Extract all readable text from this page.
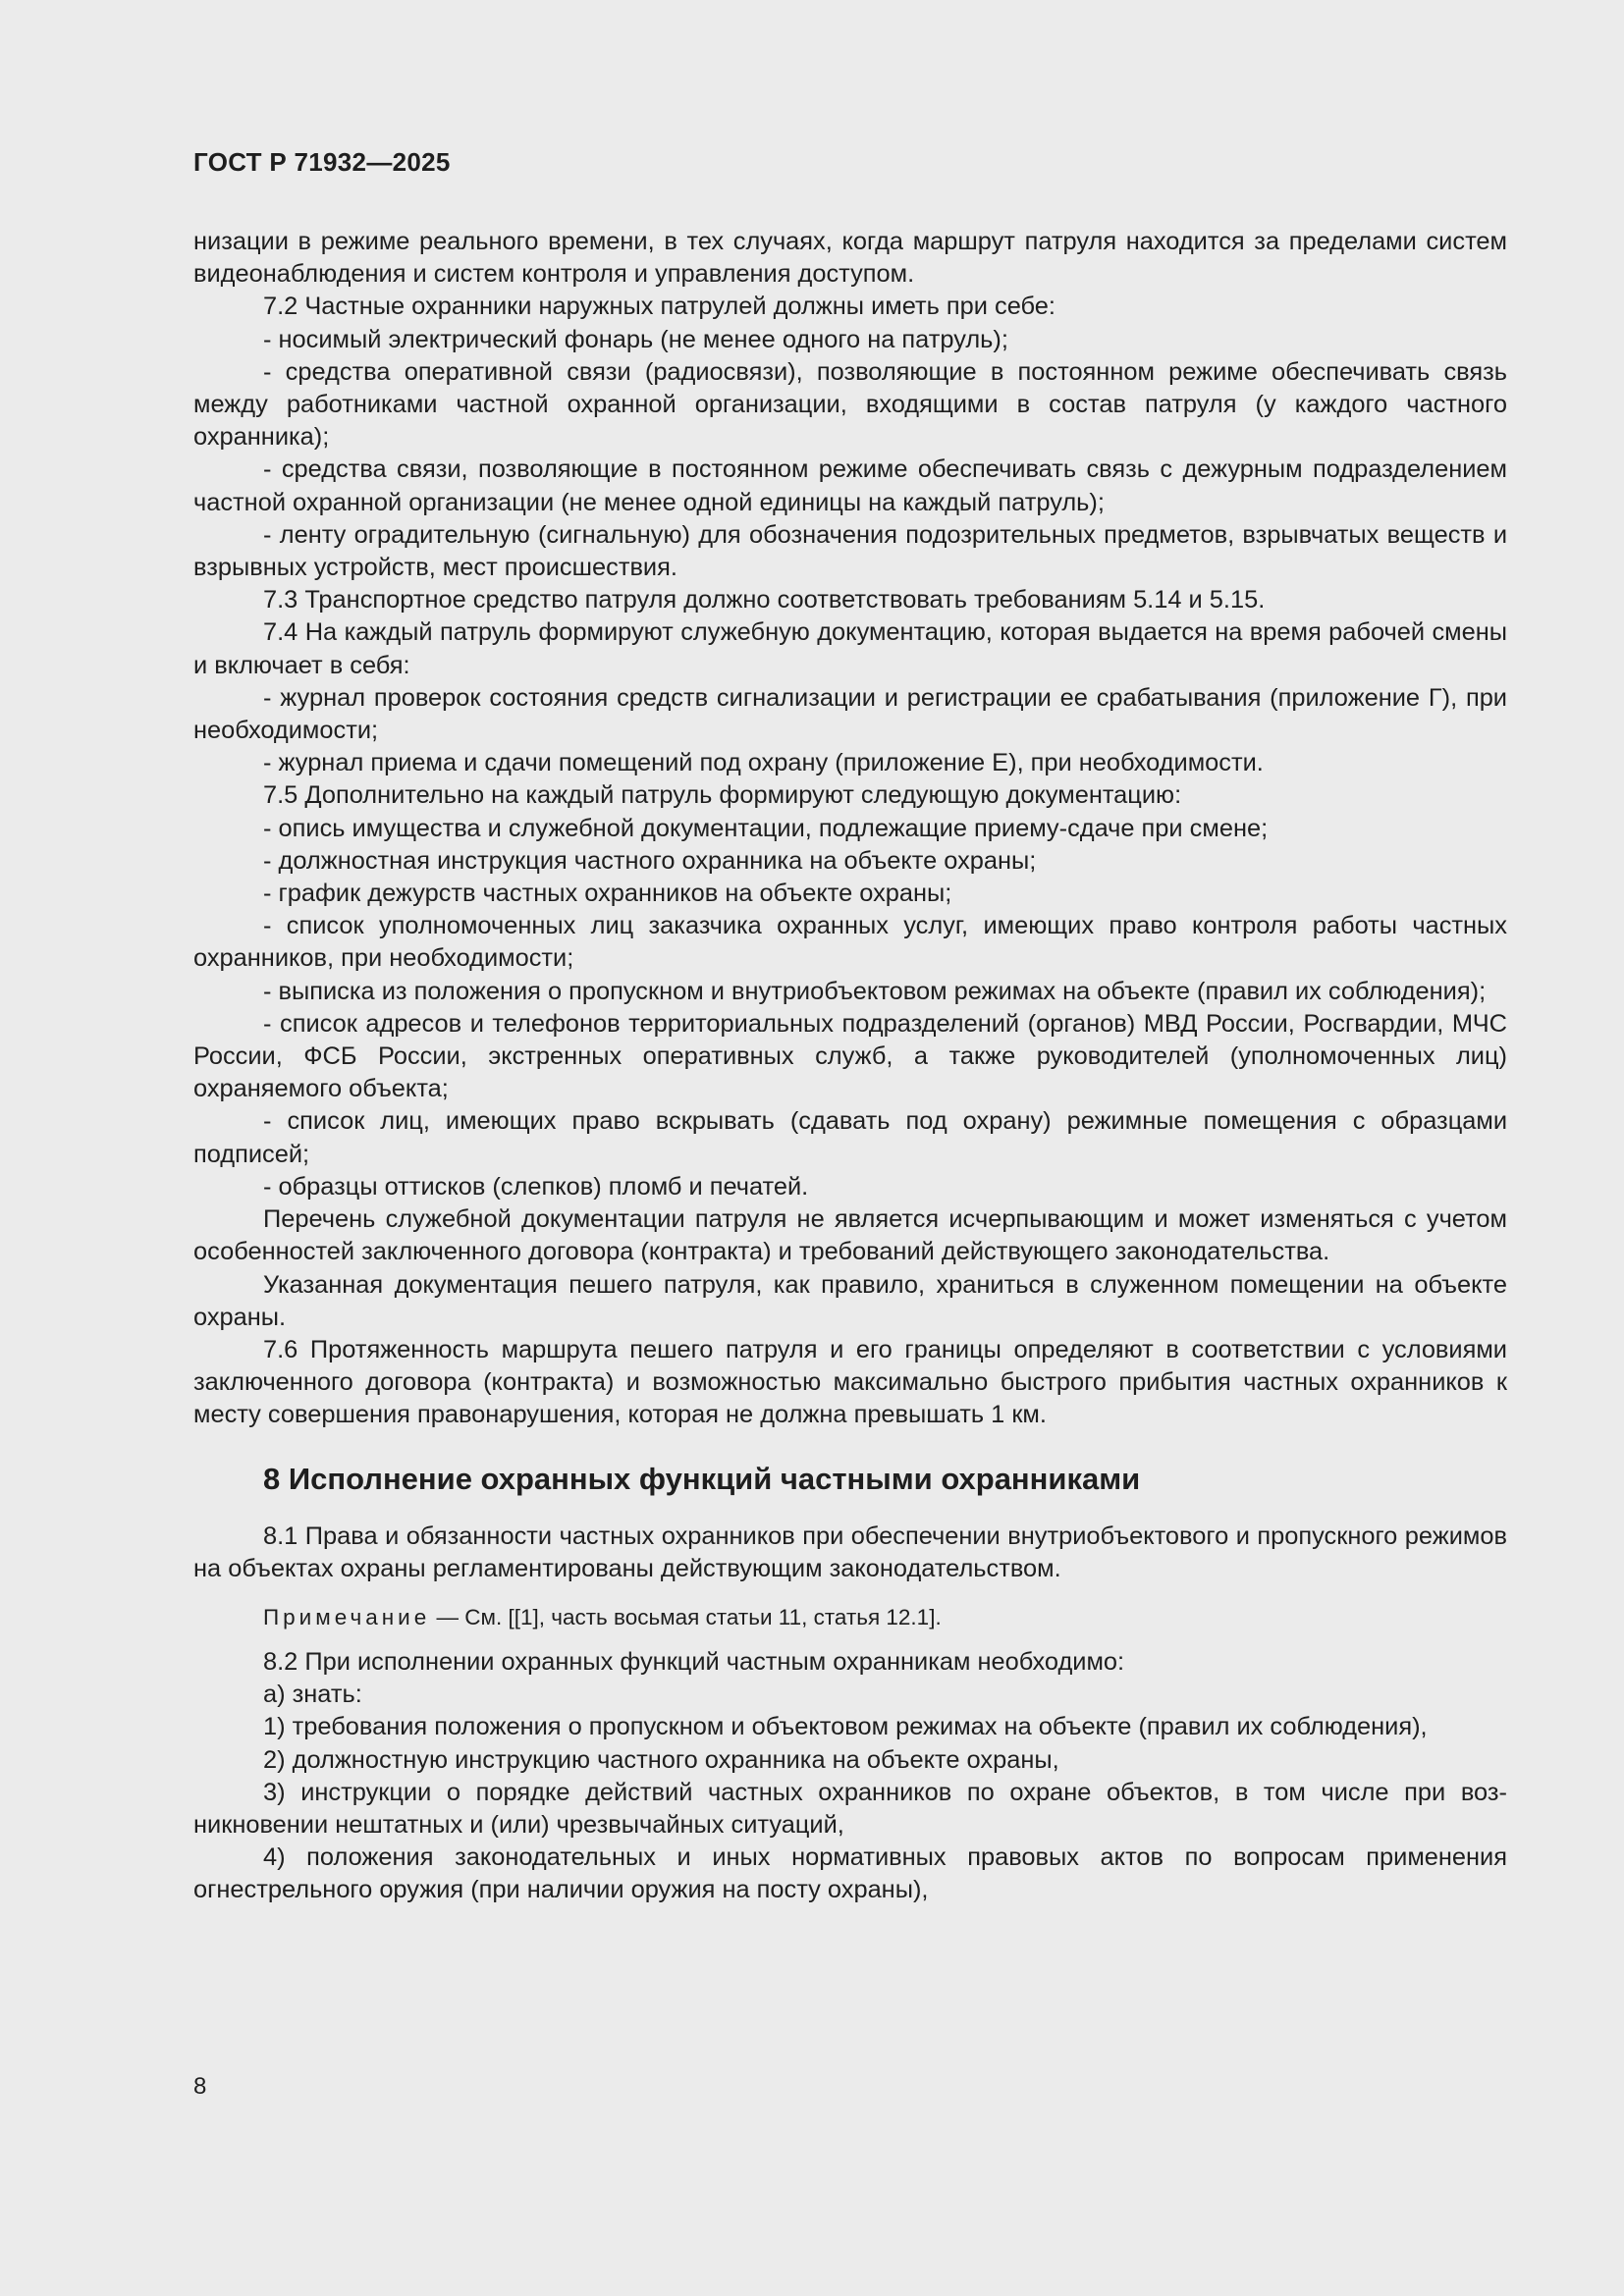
ГОСТ Р 71932—2025

низации в режиме реального времени, в тех случаях, когда маршрут патруля находится за пределами систем видеонаблюдения и систем контроля и управления доступом.

7.2 Частные охранники наружных патрулей должны иметь при себе:

- носимый электрический фонарь (не менее одного на патруль);

- средства оперативной связи (радиосвязи), позволяющие в постоянном режиме обеспечивать связь между работниками частной охранной организации, входящими в состав патруля (у каждого частного охранника);

- средства связи, позволяющие в постоянном режиме обеспечивать связь с дежурным подразделением частной охранной организации (не менее одной единицы на каждый патруль);

- ленту оградительную (сигнальную) для обозначения подозрительных предметов, взрывчатых веществ и взрывных устройств, мест происшествия.

7.3 Транспортное средство патруля должно соответствовать требованиям 5.14 и 5.15.

7.4 На каждый патруль формируют служебную документацию, которая выдается на время рабочей смены и включает в себя:

- журнал проверок состояния средств сигнализации и регистрации ее срабатывания (приложение Г), при необходимости;

- журнал приема и сдачи помещений под охрану (приложение Е), при необходимости.

7.5 Дополнительно на каждый патруль формируют следующую документацию:

- опись имущества и служебной документации, подлежащие приему-сдаче при смене;

- должностная инструкция частного охранника на объекте охраны;

- график дежурств частных охранников на объекте охраны;

- список уполномоченных лиц заказчика охранных услуг, имеющих право контроля работы частных охранников, при необходимости;

- выписка из положения о пропускном и внутриобъектовом режимах на объекте (правил их соблюдения);

- список адресов и телефонов территориальных подразделений (органов) МВД России, Росгвардии, МЧС России, ФСБ России, экстренных оперативных служб, а также руководителей (уполномоченных лиц) охраняемого объекта;

- список лиц, имеющих право вскрывать (сдавать под охрану) режимные помещения с образцами подписей;

- образцы оттисков (слепков) пломб и печатей.

Перечень служебной документации патруля не является исчерпывающим и может изменяться с учетом особенностей заключенного договора (контракта) и требований действующего законодательства.

Указанная документация пешего патруля, как правило, храниться в служенном помещении на объекте охраны.

7.6 Протяженность маршрута пешего патруля и его границы определяют в соответствии с условиями заключенного договора (контракта) и возможностью максимально быстрого прибытия частных охранников к месту совершения правонарушения, которая не должна превышать 1 км.

8 Исполнение охранных функций частными охранниками

8.1 Права и обязанности частных охранников при обеспечении внутриобъектового и пропускного режимов на объектах охраны регламентированы действующим законодательством.

Примечание — См. [[1], часть восьмая статьи 11, статья 12.1].

8.2 При исполнении охранных функций частным охранникам необходимо:

а) знать:

1) требования положения о пропускном и объектовом режимах на объекте (правил их соблюдения),

2) должностную инструкцию частного охранника на объекте охраны,

3) инструкции о порядке действий частных охранников по охране объектов, в том числе при возникновении нештатных и (или) чрезвычайных ситуаций,

4) положения законодательных и иных нормативных правовых актов по вопросам применения огнестрельного оружия (при наличии оружия на посту охраны),

8
